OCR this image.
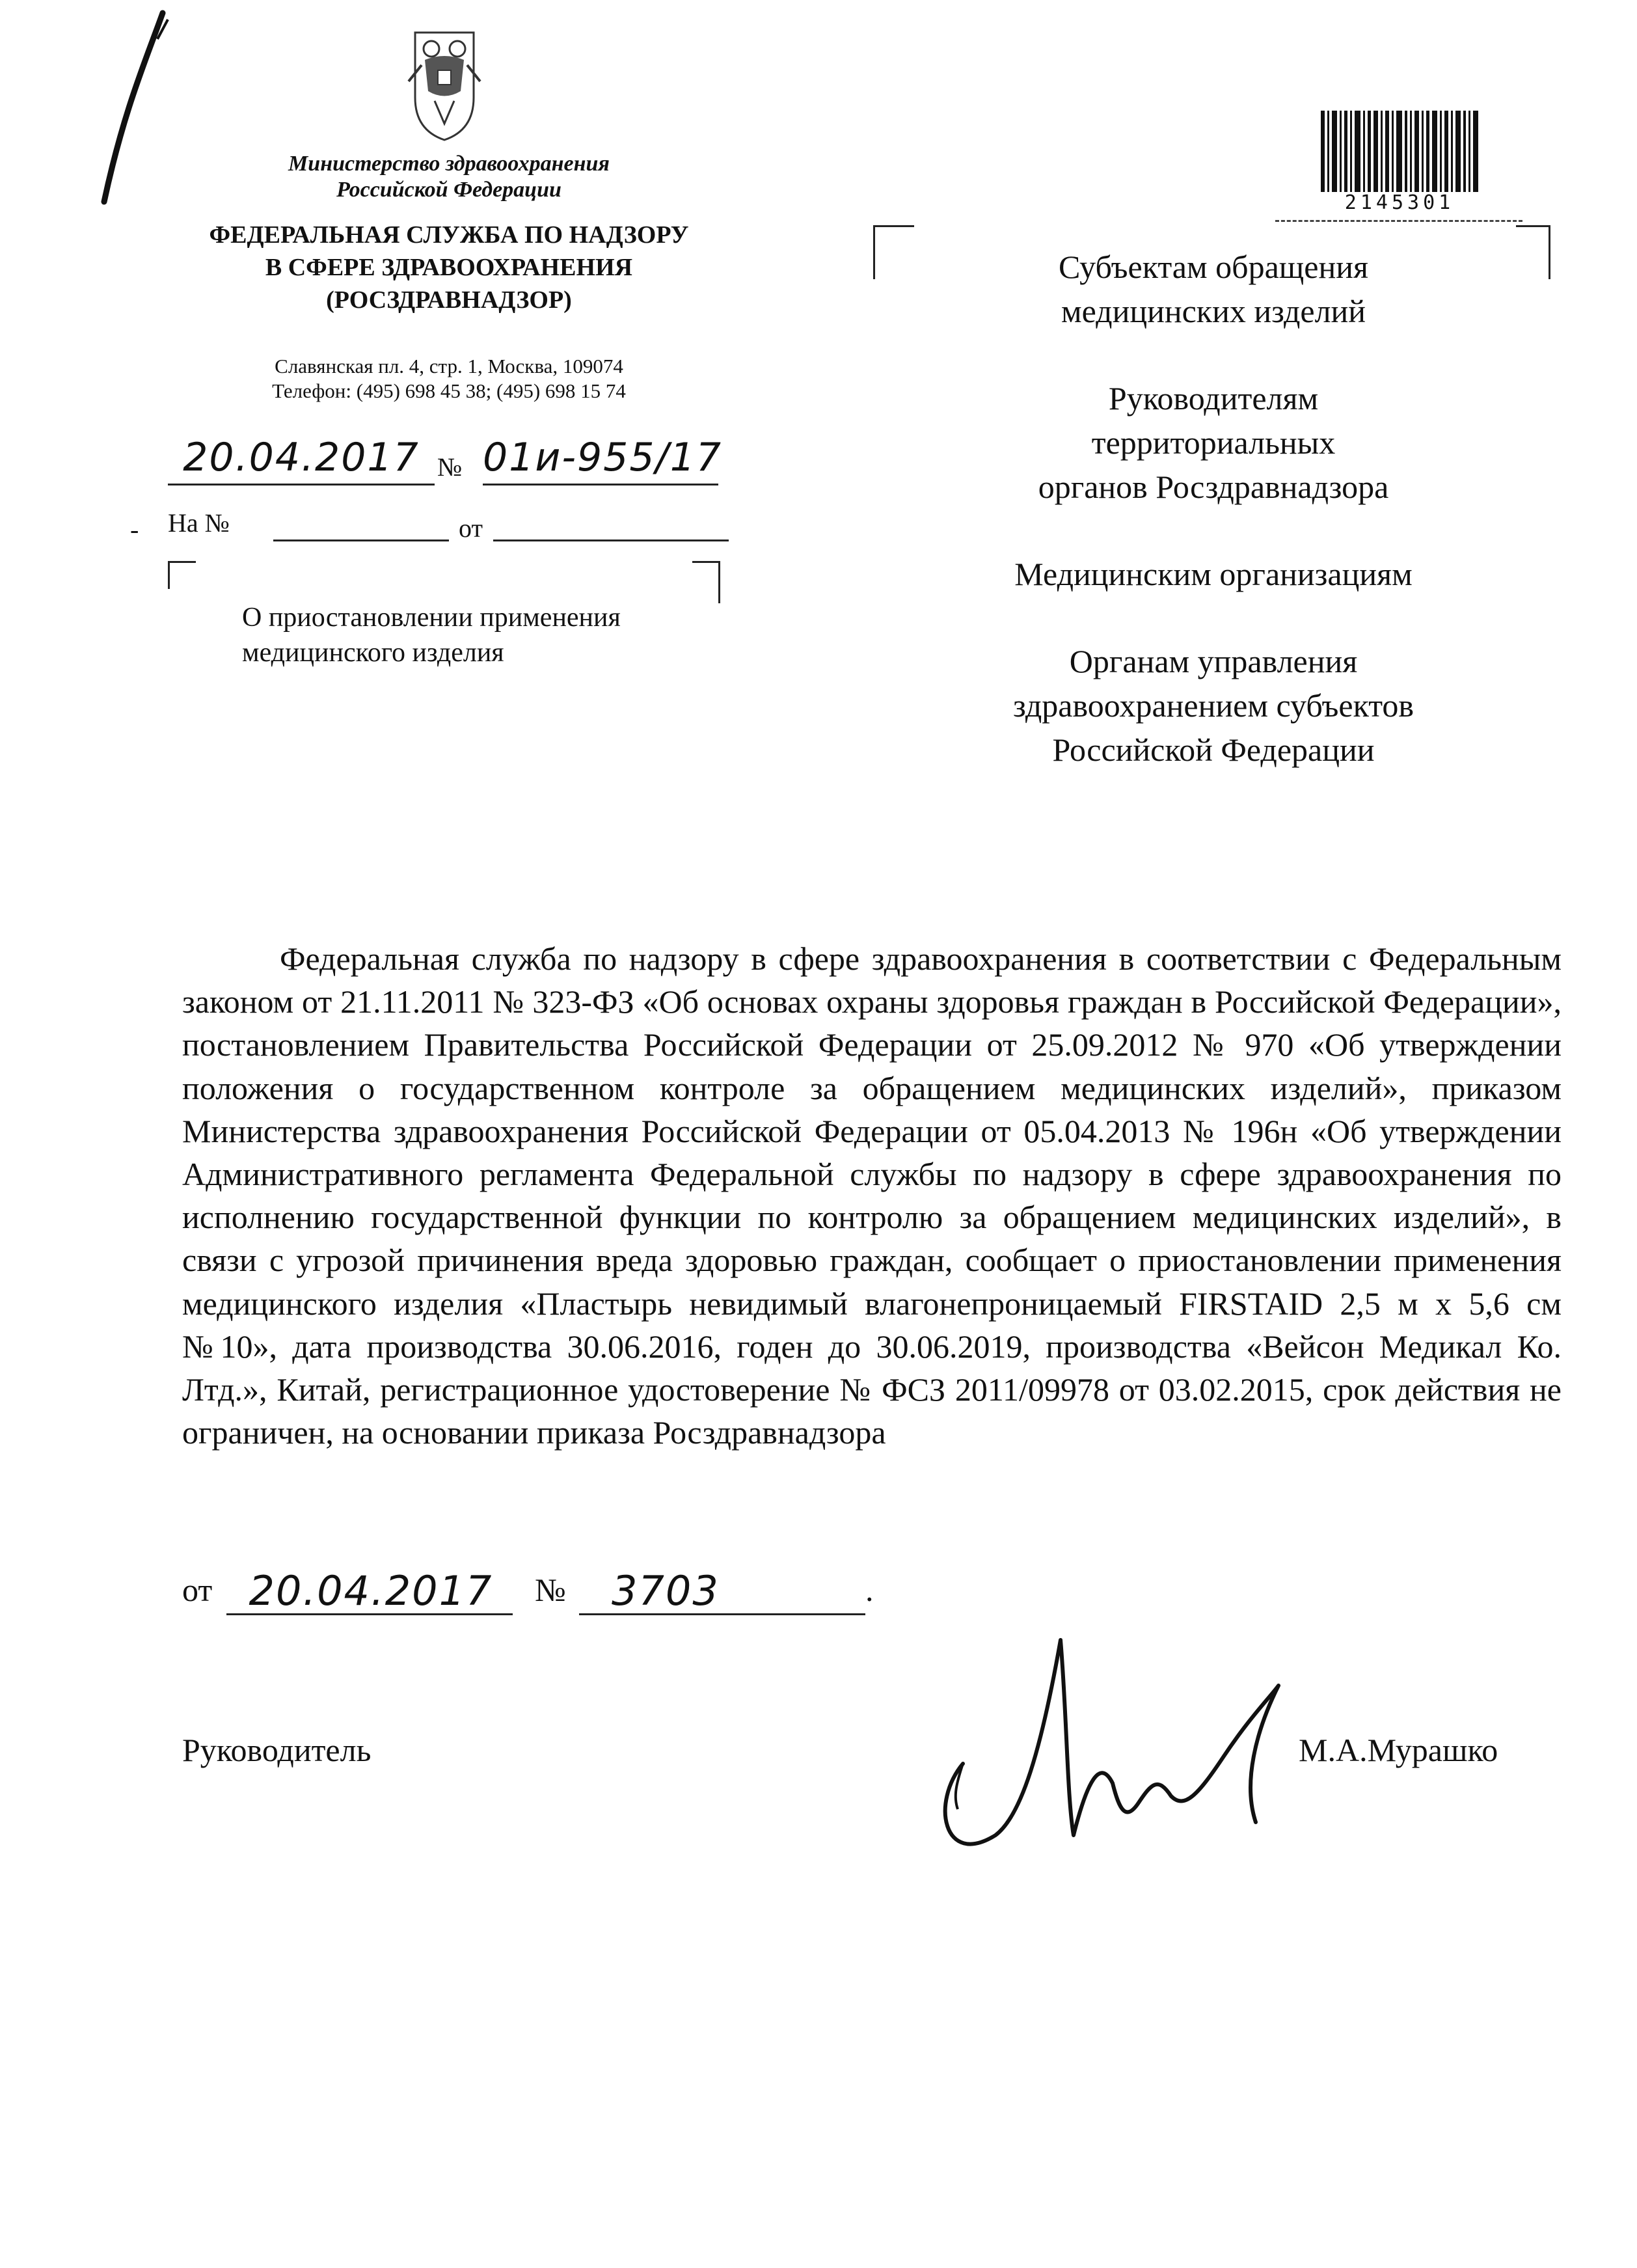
Министерство здравоохранения
Российской Федерации
ФЕДЕРАЛЬНАЯ СЛУЖБА ПО НАДЗОРУ
В СФЕРЕ ЗДРАВООХРАНЕНИЯ
(РОСЗДРАВНАДЗОР)
Славянская пл. 4, стр. 1, Москва, 109074
Телефон: (495) 698 45 38; (495) 698 15 74
20.04.2017 № 01и-955/17
- На №	от
О приостановлении применения
медицинского изделия
2145301
Субъектам обращения
медицинских изделий
Руководителям
территориальных
органов Росздравнадзора
Медицинским организациям
Органам управления
здравоохранением субъектов
Российской Федерации

Федеральная служба по надзору в сфере здравоохранения в соответствии с Федеральным законом от 21.11.2011 № 323-ФЗ «Об основах охраны здоровья граждан в Российской Федерации», постановлением Правительства Российской Федерации от 25.09.2012 № 970 «Об утверждении положения о государственном контроле за обращением медицинских изделий», приказом Министерства здравоохранения Российской Федерации от 05.04.2013 № 196н «Об утверждении Административного регламента Федеральной службы по надзору в сфере здравоохранения по исполнению государственной функции по контролю за обращением медицинских изделий», в связи с угрозой причинения вреда здоровью граждан, сообщает о приостановлении применения медицинского изделия «Пластырь невидимый влагонепроницаемый FIRSTAID 2,5 м х 5,6 см №10», дата производства 30.06.2016, годен до 30.06.2019, производства «Вейсон Медикал Ко. Лтд.», Китай, регистрационное удостоверение № ФСЗ 2011/09978 от 03.02.2015, срок действия не ограничен, на основании приказа Росздравнадзора

от 20.04.2017	№ 3703	.
Руководитель	М.А.Мурашко
